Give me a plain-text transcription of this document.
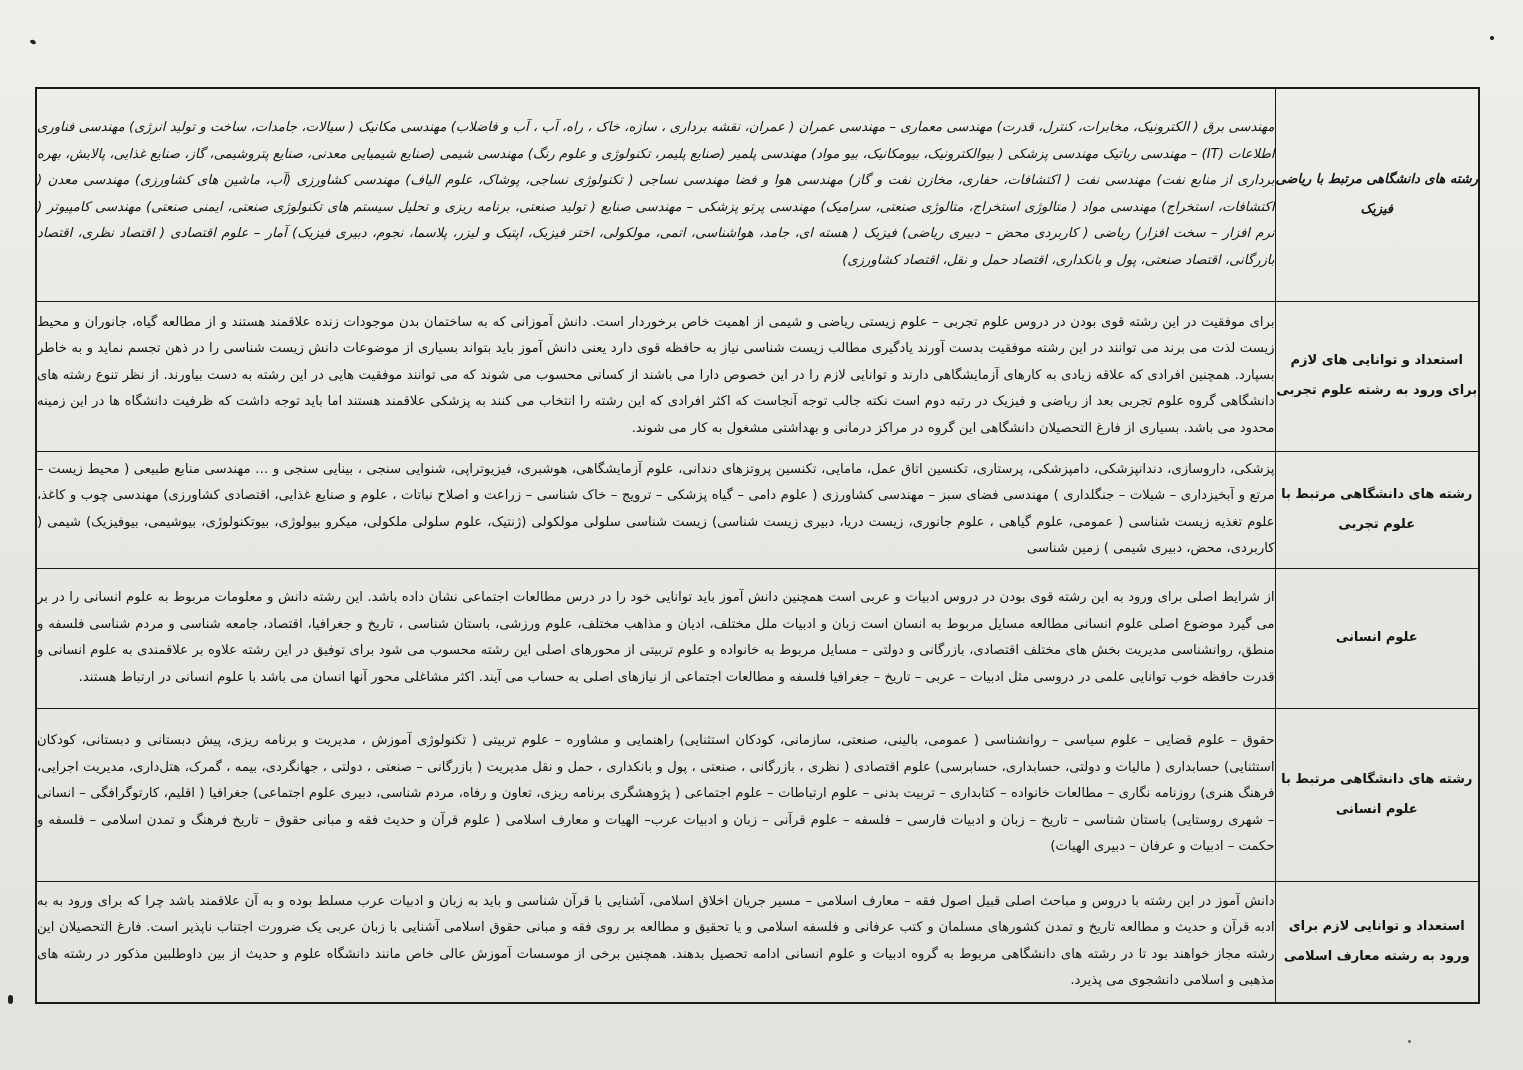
رشته های دانشگاهی مرتبط با ریاضی فیزیک	مهندسی برق ( الکترونیک، مخابرات، کنترل، قدرت) مهندسی معماری – مهندسی عمران ( عمران، نقشه برداری ، سازه، خاک ، راه، آب ، آب و فاضلاب) مهندسی مکانیک ( سیالات، جامدات، ساخت و تولید انرژی) مهندسی فناوری اطلاعات (IT) – مهندسی رباتیک مهندسی پزشکی ( بیوالکترونیک، بیومکانیک، بیو مواد) مهندسی پلمیر (صنایع پلیمر، تکنولوژی و علوم رنگ) مهندسی شیمی (صنایع شیمیایی معدنی، صنایع پتروشیمی، گاز، صنایع غذایی، پالایش، بهره برداری از منابع نفت) مهندسی نفت ( اکتشافات، حفاری، مخازن نفت و گاز) مهندسی هوا و فضا مهندسی نساجی ( تکنولوژی نساجی، پوشاک، علوم الیاف) مهندسی کشاورزی (آب، ماشین های کشاورزی) مهندسی معدن ( اکتشافات، استخراج) مهندسی مواد ( متالوژی استخراج، متالوژی صنعتی، سرامیک) مهندسی پرتو پزشکی – مهندسی صنایع ( تولید صنعتی، برنامه ریزی و تحلیل سیستم های تکنولوژی صنعتی، ایمنی صنعتی) مهندسی کامپیوتر ( نرم افزار – سخت افزار) ریاضی ( کاربردی محض – دبیری ریاضی) فیزیک ( هسته ای، جامد، هواشناسی، اتمی، مولکولی، اختر فیزیک، اپتیک و لیزر، پلاسما، نجوم، دبیری فیزیک) آمار – علوم اقتصادی ( اقتصاد نظری، اقتصاد بازرگانی، اقتصاد صنعتی، پول و بانکداری، اقتصاد حمل و نقل، اقتصاد کشاورزی)

استعداد و توانایی های لازم برای ورود به رشته علوم تجربی	برای موفقیت در این رشته قوی بودن در دروس علوم تجربی – علوم زیستی ریاضی و شیمی از اهمیت خاص برخوردار است. دانش آموزانی که به ساختمان بدن موجودات زنده علاقمند هستند و از مطالعه گیاه، جانوران و محیط زیست لذت می برند می توانند در این رشته موفقیت بدست آورند یادگیری مطالب زیست شناسی نیاز به حافظه قوی دارد یعنی دانش آموز باید بتواند بسیاری از موضوعات دانش زیست شناسی را در ذهن تجسم نماید و به خاطر بسپارد. همچنین افرادی که علاقه زیادی به کارهای آزمایشگاهی دارند و توانایی لازم را در این خصوص دارا می باشند از کسانی محسوب می شوند که می توانند موفقیت هایی در این رشته به دست بیاورند. از نظر تنوع رشته های دانشگاهی گروه علوم تجربی بعد از ریاضی و فیزیک در رتبه دوم است نکته جالب توجه آنجاست که اکثر افرادی که این رشته را انتخاب می کنند به پزشکی علاقمند هستند اما باید توجه داشت که ظرفیت دانشگاه ها در این زمینه محدود می باشد. بسیاری از فارغ التحصیلان دانشگاهی این گروه در مراکز درمانی و بهداشتی مشغول به کار می شوند.

رشته های دانشگاهی مرتبط با علوم تجربی	پزشکی، داروسازی، دندانپزشکی، دامپزشکی، پرستاری، تکنسین اتاق عمل، مامایی، تکنسین پروتزهای دندانی، علوم آزمایشگاهی، هوشبری، فیزیوتراپی، شنوایی سنجی ، بینایی سنجی و … مهندسی منابع طبیعی ( محیط زیست – مرتع و آبخیزداری – شیلات – جنگلداری ) مهندسی فضای سبز – مهندسی کشاورزی ( علوم دامی – گیاه پزشکی – ترویج – خاک شناسی – زراعت و اصلاح نباتات ، علوم و صنایع غذایی، اقتصادی کشاورزی) مهندسی چوب و کاغذ، علوم تغذیه زیست شناسی ( عمومی، علوم گیاهی ، علوم جانوری، زیست دریا، دبیری زیست شناسی) زیست شناسی سلولی مولکولی (ژنتیک، علوم سلولی ملکولی، میکرو بیولوژی، بیوتکنولوژی، بیوشیمی، بیوفیزیک) شیمی ( کاربردی، محض، دبیری شیمی ) زمین شناسی

علوم انسانی	از شرایط اصلی برای ورود به این رشته قوی بودن در دروس ادبیات و عربی است همچنین دانش آموز باید توانایی خود را در درس مطالعات اجتماعی نشان داده باشد. این رشته دانش و معلومات مربوط به علوم انسانی را در بر می گیرد موضوع اصلی علوم انسانی مطالعه مسایل مربوط به انسان است زبان و ادبیات ملل مختلف، ادیان و مذاهب مختلف، علوم ورزشی، باستان شناسی ، تاریخ و جغرافیا، اقتصاد، جامعه شناسی و مردم شناسی فلسفه و منطق، روانشناسی مدیریت بخش های مختلف اقتصادی، بازرگانی و دولتی – مسایل مربوط به خانواده و علوم تربیتی از محورهای اصلی این رشته محسوب می شود برای توفیق در این رشته علاوه بر علاقمندی به علوم انسانی و قدرت حافظه خوب توانایی علمی در دروسی مثل ادبیات – عربی – تاریخ – جغرافیا فلسفه و مطالعات اجتماعی از نیازهای اصلی به حساب می آیند. اکثر مشاغلی محور آنها انسان می باشد با علوم انسانی در ارتباط هستند.

رشته های دانشگاهی مرتبط با علوم انسانی	حقوق – علوم قضایی – علوم سیاسی – روانشناسی ( عمومی، بالینی، صنعتی، سازمانی، کودکان استثنایی) راهنمایی و مشاوره – علوم تربیتی ( تکنولوژی آموزش ، مدیریت و برنامه ریزی، پیش دبستانی و دبستانی، کودکان استثنایی) حسابداری ( مالیات و دولتی، حسابداری، حسابرسی) علوم اقتصادی ( نظری ، بازرگانی ، صنعتی ، پول و بانکداری ، حمل و نقل مدیریت ( بازرگانی – صنعتی ، دولتی ، جهانگردی، بیمه ، گمرک، هتل‌داری، مدیریت اجرایی، فرهنگ هنری) روزنامه نگاری – مطالعات خانواده – کتابداری – تربیت بدنی – علوم ارتباطات – علوم اجتماعی ( پژوهشگری برنامه ریزی، تعاون و رفاه، مردم شناسی، دبیری علوم اجتماعی) جغرافیا ( اقلیم، کارتوگرافگی – انسانی – شهری روستایی) باستان شناسی – تاریخ – زبان و ادبیات فارسی – فلسفه – علوم قرآنی – زبان و ادبیات عرب– الهیات و معارف اسلامی ( علوم قرآن و حدیث فقه و مبانی حقوق – تاریخ فرهنگ و تمدن اسلامی – فلسفه و حکمت – ادبیات و عرفان – دبیری الهیات)

استعداد و توانایی لازم برای ورود به رشته معارف اسلامی	دانش آموز در این رشته با دروس و مباحث اصلی قبیل اصول فقه – معارف اسلامی – مسیر جریان اخلاق اسلامی، آشنایی با قرآن شناسی و باید به زبان و ادبیات عرب مسلط بوده و به آن علاقمند باشد چرا که برای ورود به به ادبه قرآن و حدیث و مطالعه تاریخ و تمدن کشورهای مسلمان و کتب عرفانی و فلسفه اسلامی و یا تحقیق و مطالعه بر روی فقه و مبانی حقوق اسلامی آشنایی با زبان عربی یک ضرورت اجتناب ناپذیر است. فارغ التحصیلان این رشته مجاز خواهند بود تا در رشته های دانشگاهی مربوط به گروه ادبیات و علوم انسانی ادامه تحصیل بدهند. همچنین برخی از موسسات آموزش عالی خاص مانند دانشگاه علوم و حدیث از بین داوطلبین مذکور در رشته های مذهبی و اسلامی دانشجوی می پذیرد.
